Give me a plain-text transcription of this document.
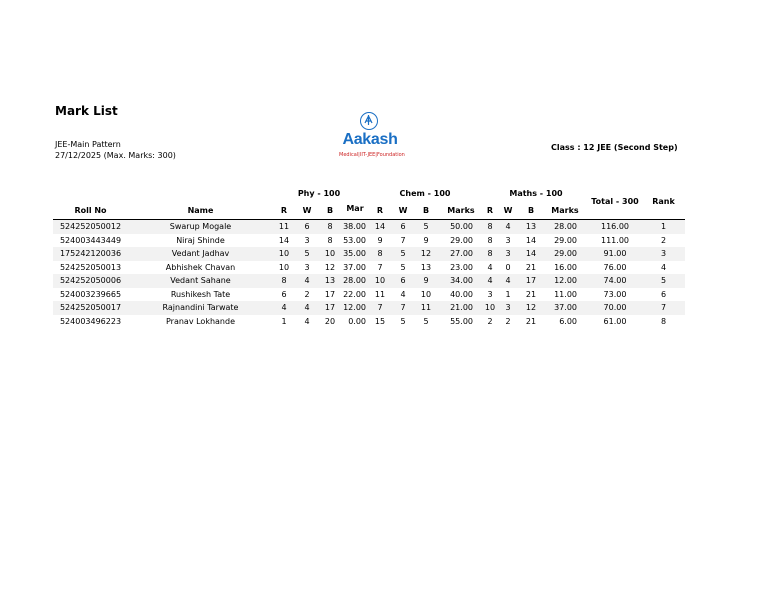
Mark List
JEE-Main Pattern
27/12/2025 (Max. Marks: 300)
Aakash
Medical|IIT-JEE|Foundation
Class : 12 JEE (Second Step)
Phy - 100	Chem - 100	Maths - 100
Roll No	Name	R	W	B	Mar	R	W	B	Marks	R	W	B	Marks
Total - 300	Rank
524252050012	Swarup Mogale	11	6	8	38.00	14	6	5	50.00	8	4	13	28.00	116.00	1
524003443449	Niraj Shinde	14	3	8	53.00	9	7	9	29.00	8	3	14	29.00	111.00	2
175242120036	Vedant Jadhav	10	5	10	35.00	8	5	12	27.00	8	3	14	29.00	91.00	3
524252050013	Abhishek Chavan	10	3	12	37.00	7	5	13	23.00	4	0	21	16.00	76.00	4
524252050006	Vedant Sahane	8	4	13	28.00	10	6	9	34.00	4	4	17	12.00	74.00	5
524003239665	Rushikesh Tate	6	2	17	22.00	11	4	10	40.00	3	1	21	11.00	73.00	6
524252050017	Rajnandini Tarwate	4	4	17	12.00	7	7	11	21.00	10	3	12	37.00	70.00	7
524003496223	Pranav Lokhande	1	4	20	0.00	15	5	5	55.00	2	2	21	6.00	61.00	8
